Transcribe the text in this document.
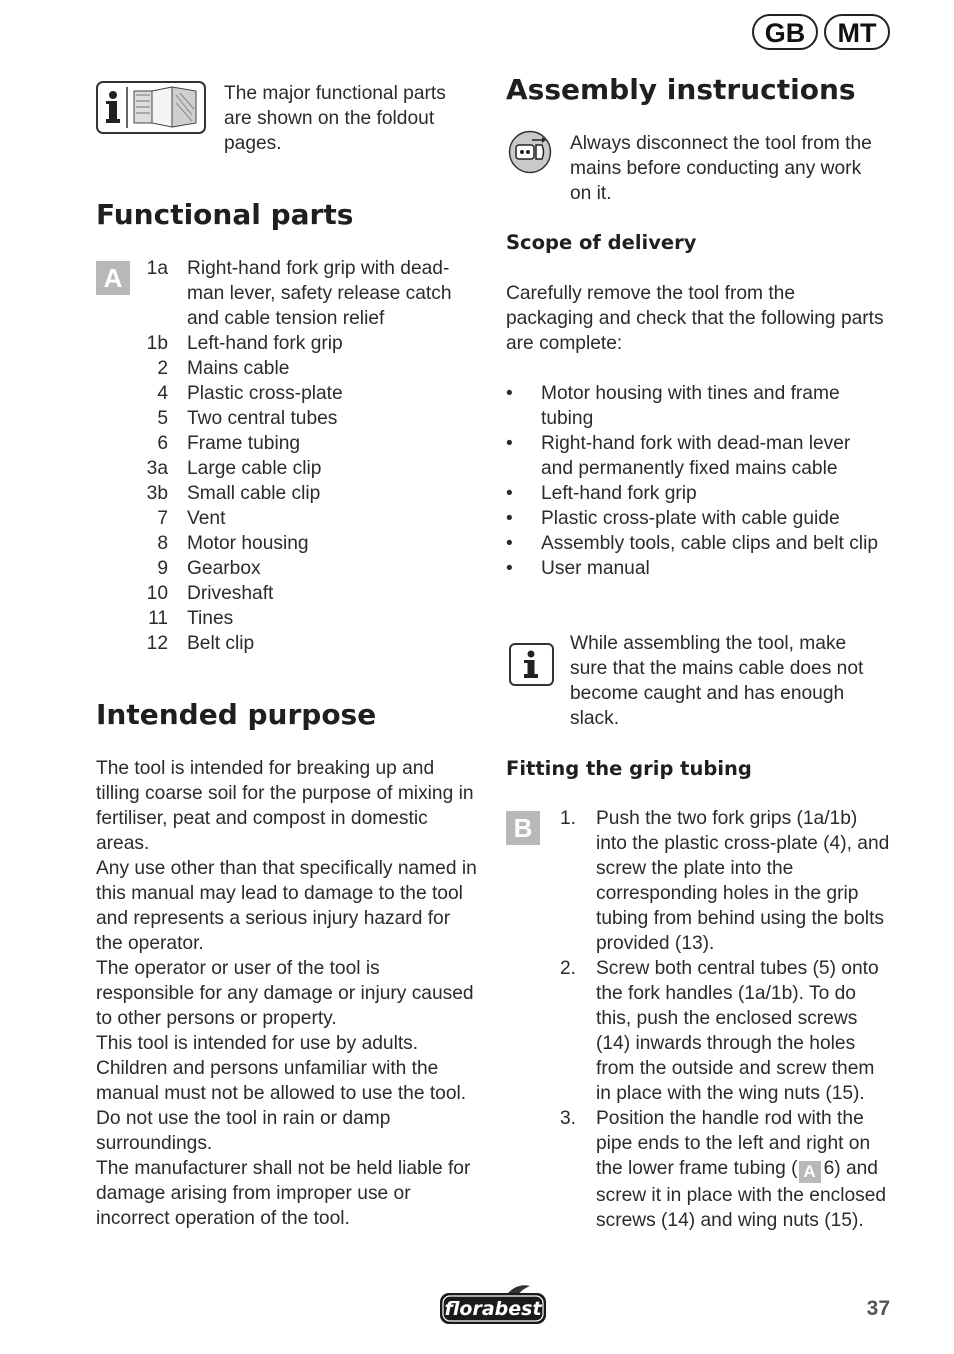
GB	MT

The major functional parts are shown on the foldout pages.

Functional parts
A	1a Right-hand fork grip with dead-man lever, safety release catch and cable tension relief
1b Left-hand fork grip
2 Mains cable
4 Plastic cross-plate
5 Two central tubes
6 Frame tubing
3a Large cable clip
3b Small cable clip
7 Vent
8 Motor housing
9 Gearbox
10 Driveshaft
11 Tines
12 Belt clip
Intended purpose

The tool is intended for breaking up and tilling coarse soil for the purpose of mixing in fertiliser, peat and compost in domestic areas.

Any use other than that specifically named in this manual may lead to damage to the tool and represents a serious injury hazard for the operator.

The operator or user of the tool is responsible for any damage or injury caused to other persons or property.

This tool is intended for use by adults. Children and persons unfamiliar with the manual must not be allowed to use the tool. Do not use the tool in rain or damp surroundings.

The manufacturer shall not be held liable for damage arising from improper use or incorrect operation of the tool.

Assembly instructions

Always disconnect the tool from the mains before conducting any work on it.

Scope of delivery

Carefully remove the tool from the packaging and check that the following parts are complete:

•	Motor housing with tines and frame tubing
•	Right-hand fork with dead-man lever and permanently fixed mains cable
•	Left-hand fork grip
•	Plastic cross-plate with cable guide
•	Assembly tools, cable clips and belt clip
•	User manual

While assembling the tool, make sure that the mains cable does not become caught and has enough slack.

Fitting the grip tubing
B	1.	Push the two fork grips (1a/1b) into the plastic cross-plate (4), and screw the plate into the corresponding holes in the grip tubing from behind using the bolts provided (13).
2.	Screw both central tubes (5) onto the fork handles (1a/1b). To do this, push the enclosed screws (14) inwards through the holes from the outside and screw them in place with the wing nuts (15).
3.	Position the handle rod with the pipe ends to the left and right on the lower frame tubing ( A 6) and screw it in place with the enclosed screws (14) and wing nuts (15).
florabest	37
